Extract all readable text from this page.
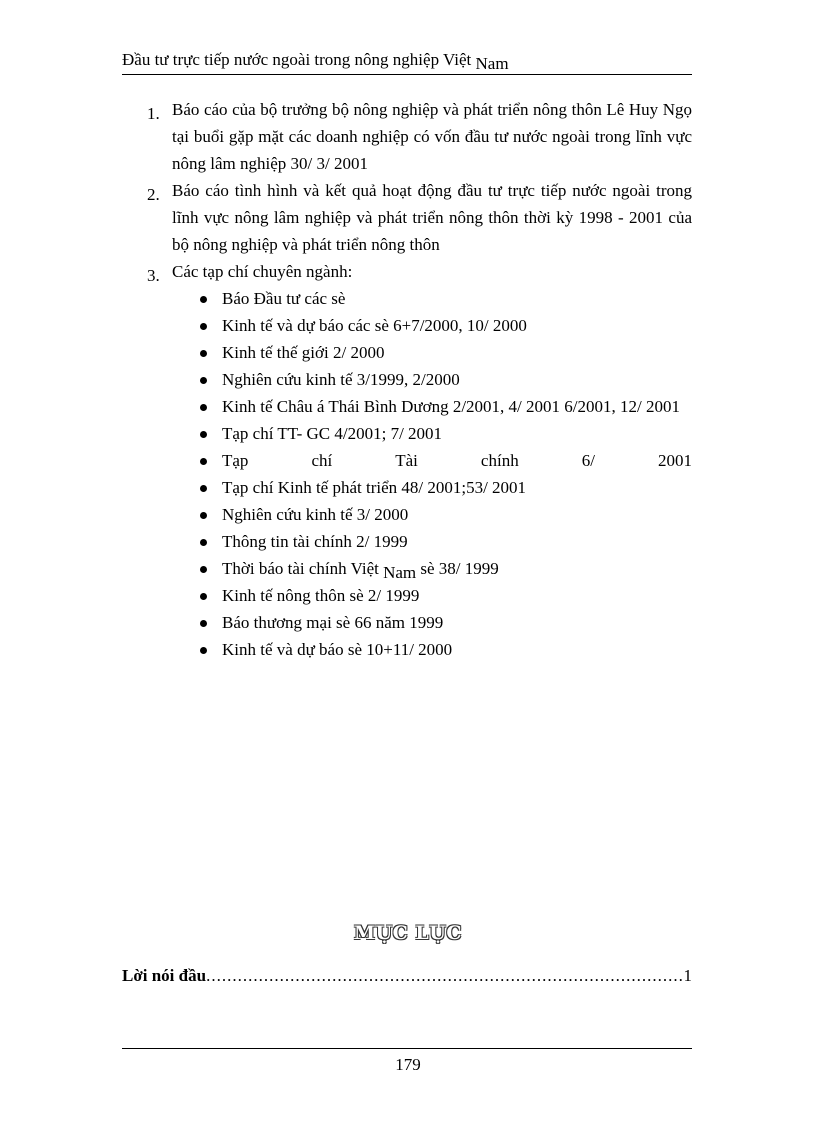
Đầu tư trực tiếp nước ngoài trong nông nghiệp Việt Nam
1. Báo cáo của bộ trưởng bộ nông nghiệp và phát triển nông thôn Lê Huy Ngọ tại buổi gặp mặt các doanh nghiệp có vốn đầu tư nước ngoài trong lĩnh vực nông lâm nghiệp 30/ 3/ 2001
2. Báo cáo tình hình và kết quả hoạt động đầu tư trực tiếp nước ngoài trong lĩnh vực nông lâm nghiệp và phát triển nông thôn thời kỳ 1998 - 2001 của bộ nông nghiệp và phát triển nông thôn
3. Các tạp chí chuyên ngành:
Báo Đầu tư các sè
Kinh tế và dự báo các sè 6+7/2000, 10/ 2000
Kinh tế thế giới 2/ 2000
Nghiên cứu kinh tế 3/1999, 2/2000
Kinh tế Châu á Thái Bình Dương 2/2001, 4/ 2001 6/2001, 12/ 2001
Tạp chí TT- GC 4/2001; 7/ 2001
Tạp	chí	Tài	chính	6/	2001
Tạp chí Kinh tế phát triển 48/ 2001;53/ 2001
Nghiên cứu kinh tế 3/ 2000
Thông tin tài chính 2/ 1999
Thời báo tài chính Việt Nam sè 38/ 1999
Kinh tế nông thôn sè 2/ 1999
Báo thương mại sè 66 năm 1999
Kinh tế và dự báo sè 10+11/ 2000
MỤC LỤC
Lời nói đầu
.....	1
179
